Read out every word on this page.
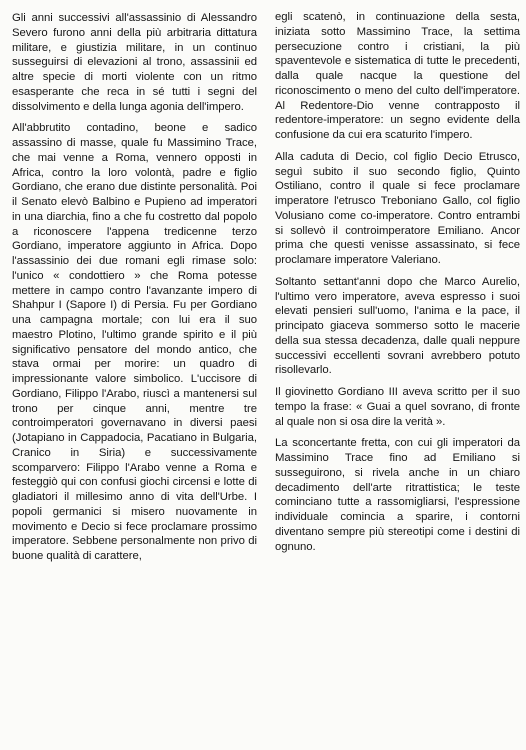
Gli anni successivi all'assassinio di Alessandro Severo furono anni della più arbitraria dittatura militare, e giustizia militare, in un continuo susseguirsi di elevazioni al trono, assassinii ed altre specie di morti violente con un ritmo esasperante che reca in sé tutti i segni del dissolvimento e della lunga agonia dell'impero.

All'abbrutito contadino, beone e sadico assassino di masse, quale fu Massimino Trace, che mai venne a Roma, vennero opposti in Africa, contro la loro volontà, padre e figlio Gordiano, che erano due distinte personalità. Poi il Senato elevò Balbino e Pupieno ad imperatori in una diarchia, fino a che fu costretto dal popolo a riconoscere l'appena tredicenne terzo Gordiano, imperatore aggiunto in Africa. Dopo l'assassinio dei due romani egli rimase solo: l'unico « condottiero » che Roma potesse mettere in campo contro l'avanzante impero di Shahpur I (Sapore I) di Persia. Fu per Gordiano una campagna mortale; con lui era il suo maestro Plotino, l'ultimo grande spirito e il più significativo pensatore del mondo antico, che stava ormai per morire: un quadro di impressionante valore simbolico. L'uccisore di Gordiano, Filippo l'Arabo, riuscì a mantenersi sul trono per cinque anni, mentre tre controimperatori governavano in diversi paesi (Jotapiano in Cappadocia, Pacatiano in Bulgaria, Cranico in Siria) e successivamente scomparvero: Filippo l'Arabo venne a Roma e festeggiò qui con confusi giochi circensi e lotte di gladiatori il millesimo anno di vita dell'Urbe. I popoli germanici si misero nuovamente in movimento e Decio si fece proclamare prossimo imperatore. Sebbene personalmente non privo di buone qualità di carattere,

egli scatenò, in continuazione della sesta, iniziata sotto Massimino Trace, la settima persecuzione contro i cristiani, la più spaventevole e sistematica di tutte le precedenti, dalla quale nacque la questione del riconoscimento o meno del culto dell'imperatore. Al Redentore-Dio venne contrapposto il redentore-imperatore: un segno evidente della confusione da cui era scaturito l'impero.

Alla caduta di Decio, col figlio Decio Etrusco, seguì subito il suo secondo figlio, Quinto Ostiliano, contro il quale si fece proclamare imperatore l'etrusco Treboniano Gallo, col figlio Volusiano come co-imperatore. Contro entrambi si sollevò il controimperatore Emiliano. Ancor prima che questi venisse assassinato, si fece proclamare imperatore Valeriano.

Soltanto settant'anni dopo che Marco Aurelio, l'ultimo vero imperatore, aveva espresso i suoi elevati pensieri sull'uomo, l'anima e la pace, il principato giaceva sommerso sotto le macerie della sua stessa decadenza, dalle quali neppure successivi eccellenti sovrani avrebbero potuto risollevarlo.

Il giovinetto Gordiano III aveva scritto per il suo tempo la frase: « Guai a quel sovrano, di fronte al quale non si osa dire la verità ».

La sconcertante fretta, con cui gli imperatori da Massimino Trace fino ad Emiliano si susseguirono, si rivela anche in un chiaro decadimento dell'arte ritrattistica; le teste cominciano tutte a rassomigliarsi, l'espressione individuale comincia a sparire, i contorni diventano sempre più stereotipi come i destini di ognuno.
